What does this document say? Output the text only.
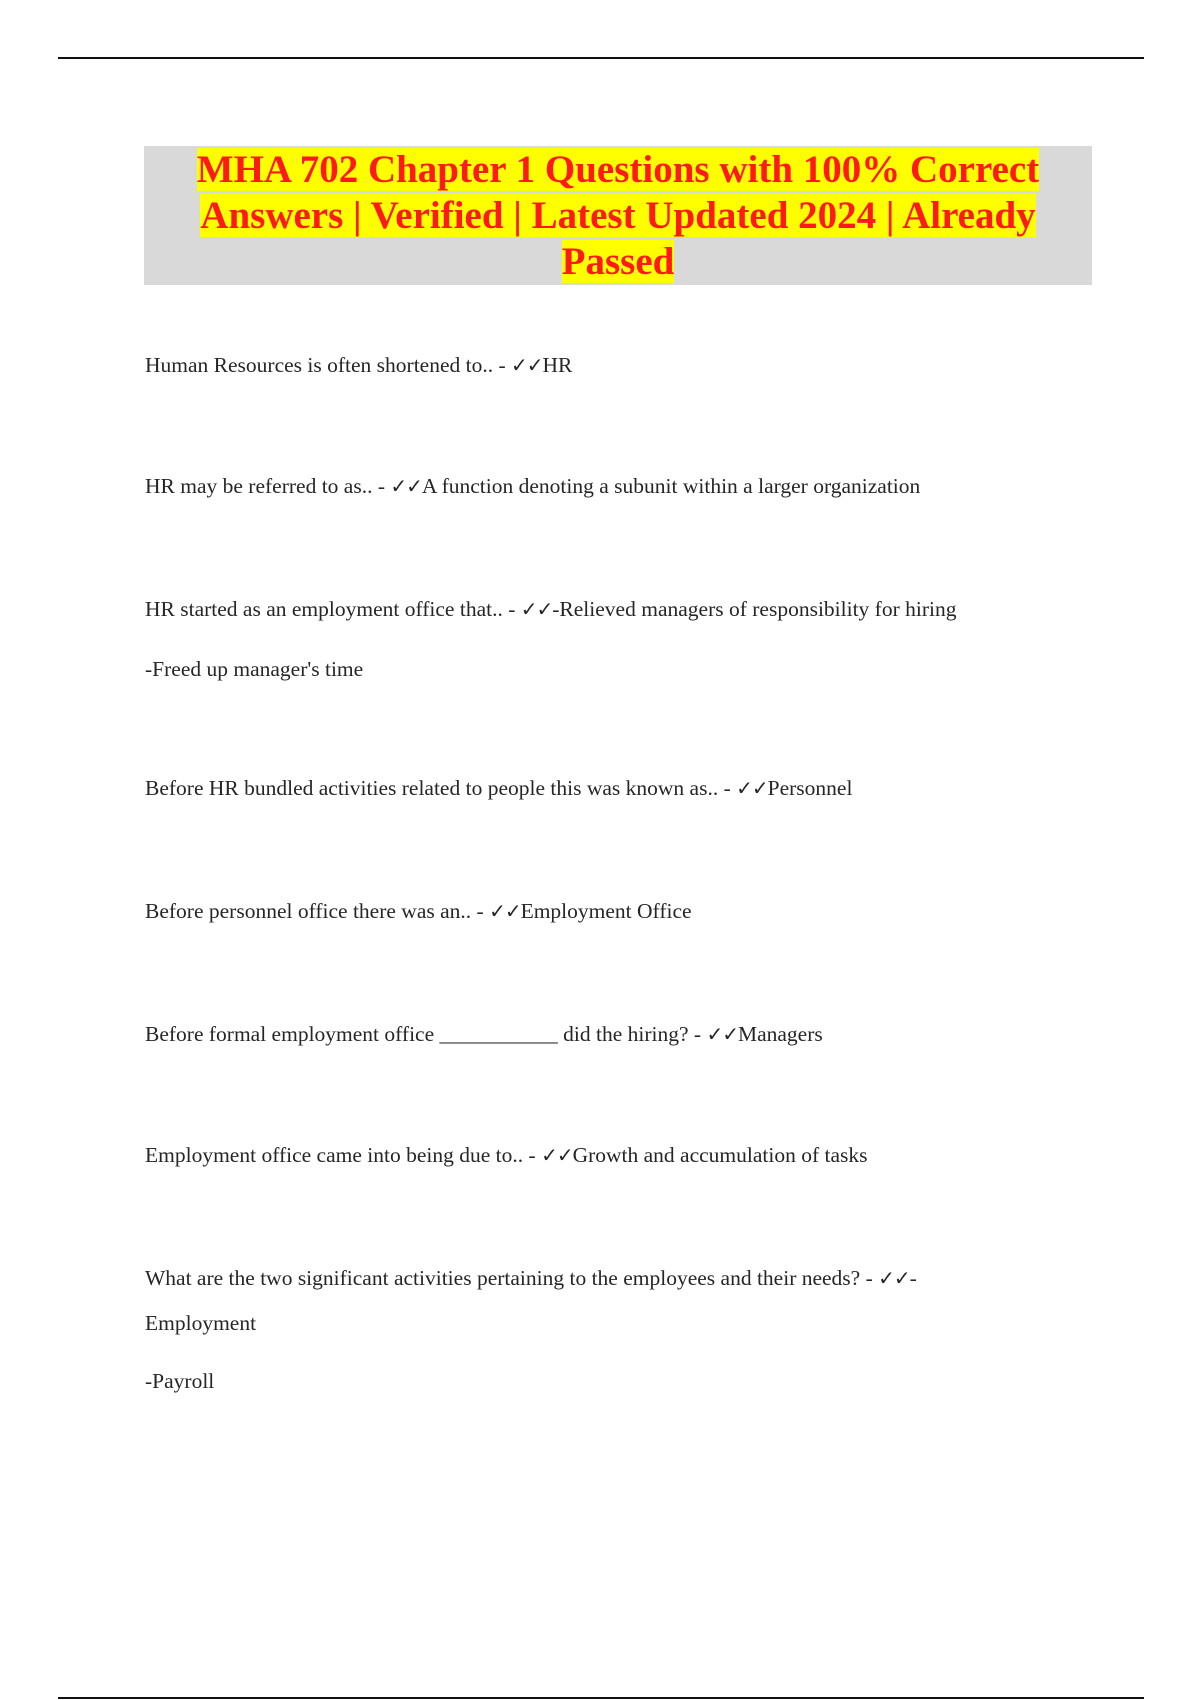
MHA 702 Chapter 1 Questions with 100% Correct
Answers | Verified | Latest Updated 2024 | Already
Passed
Human Resources is often shortened to.. - ✓✓HR
HR may be referred to as.. - ✓✓A function denoting a subunit within a larger organization
HR started as an employment office that.. - ✓✓-Relieved managers of responsibility for hiring
-Freed up manager's time
Before HR bundled activities related to people this was known as.. - ✓✓Personnel
Before personnel office there was an.. - ✓✓Employment Office
Before formal employment office ___________ did the hiring? - ✓✓Managers
Employment office came into being due to.. - ✓✓Growth and accumulation of tasks
What are the two significant activities pertaining to the employees and their needs? - ✓✓-
Employment
-Payroll
